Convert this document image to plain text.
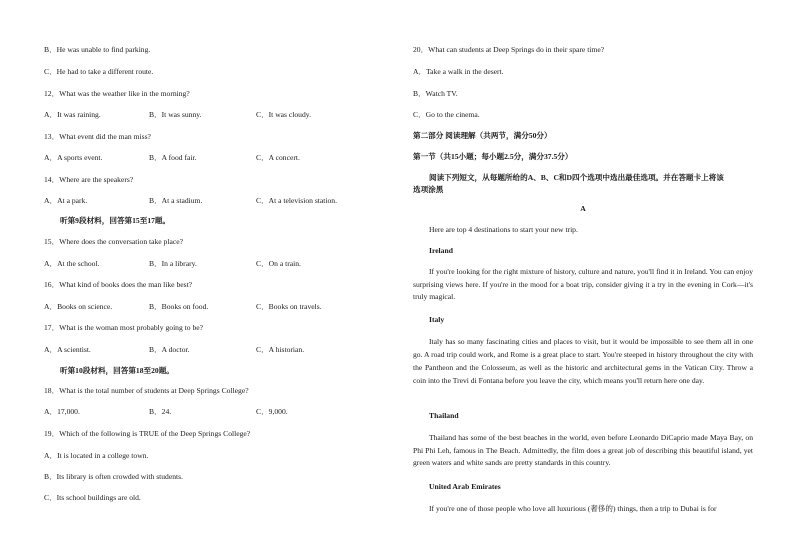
B．He was unable to find parking.
C．He had to take a different route.
12．What was the weather like in the morning?
A．It was raining.	B．It was sunny.	C．It was cloudy.
13．What event did the man miss?
A．A sports event.	B．A food fair.	C．A concert.
14．Where are the speakers?
A．At a park.	B．At a stadium.	C．At a television station.
听第9段材料，回答第15至17题。
15．Where does the conversation take place?
A．At the school.	B．In a library.	C．On a train.
16．What kind of books does the man like best?
A．Books on science.	B．Books on food.	C．Books on travels.
17．What is the woman most probably going to be?
A．A scientist.	B．A doctor.	C．A historian.
听第10段材料，回答第18至20题。
18．What is the total number of students at Deep Springs College?
A．17,000.	B．24.	C．9,000.
19．Which of the following is TRUE of the Deep Springs College?
A．It is located in a college town.
B．Its library is often crowded with students.
C．Its school buildings are old.
20．What can students at Deep Springs do in their spare time?
A．Take a walk in the desert.
B．Watch TV.
C．Go to the cinema.
第二部分 阅读理解（共两节，满分50分）
第一节（共15小题；每小题2.5分，满分37.5分）
阅读下列短文，从每题所给的A、B、C和D四个选项中选出最佳选项。并在答题卡上将该
选项涂黑
A
Here are top 4 destinations to start your new trip.
Ireland
If you're looking for the right mixture of history, culture and nature, you'll find it in Ireland. You can enjoy surprising views here. If you're in the mood for a boat trip, consider giving it a try in the evening in Cork—it's truly magical.
Italy
Italy has so many fascinating cities and places to visit, but it would be impossible to see them all in one go. A road trip could work, and Rome is a great place to start. You're steeped in history throughout the city with the Pantheon and the Colosseum, as well as the historic and architectural gems in the Vatican City. Throw a coin into the Trevi di Fontana before you leave the city, which means you'll return here one day.
Thailand
Thailand has some of the best beaches in the world, even before Leonardo DiCaprio made Maya Bay, on Phi Phi Leh, famous in The Beach. Admittedly, the film does a great job of describing this beautiful island, yet green waters and white sands are pretty standards in this country.
United Arab Emirates
If you're one of those people who love all luxurious (奢侈的) things, then a trip to Dubai is for
